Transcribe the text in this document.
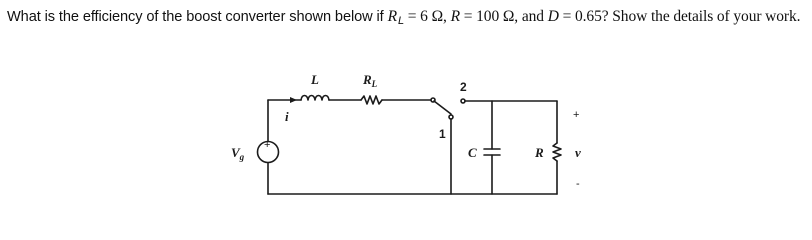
What is the efficiency of the boost converter shown below if $R_L = 6$ Ω, R = 100 Ω, and D = 0.65? Show the details of your work.
+
$V_g$
i
L	$R_L$
1
2
C	R v
+
-
